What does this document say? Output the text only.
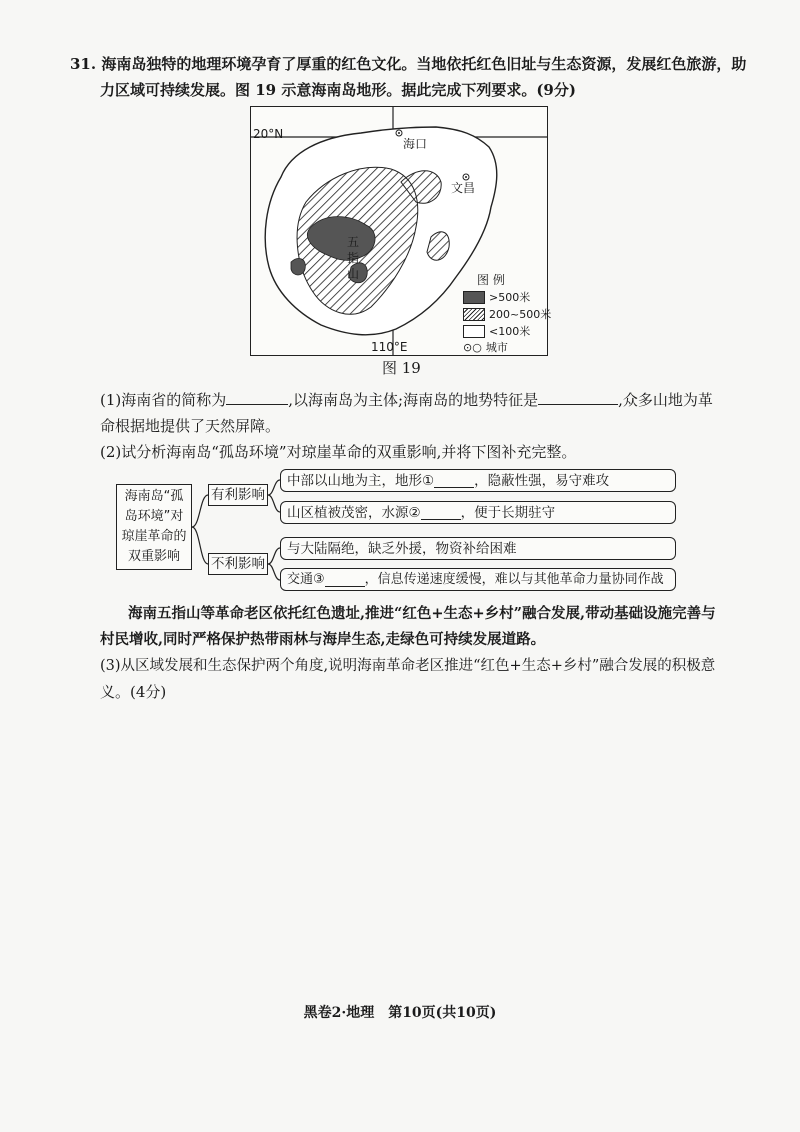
31. 海南岛独特的地理环境孕育了厚重的红色文化。当地依托红色旧址与生态资源，发展红色旅游，助
力区域可持续发展。图 19 示意海南岛地形。据此完成下列要求。(9分)
20°N
海口
文昌
五
指
山
110°E
图 例
>500米
200~500米
<100米
⊙○ 城市
图 19
(1)海南省的简称为	,以海南岛为主体;海南岛的地势特征是	,众多山地为革
命根据地提供了天然屏障。
(2)试分析海南岛“孤岛环境”对琼崖革命的双重影响,并将下图补充完整。
海南岛“孤
岛环境”对
琼崖革命的
双重影响
有利影响
不利影响
中部以山地为主，地形①	，隐蔽性强，易守难攻
山区植被茂密，水源②	，便于长期驻守
与大陆隔绝，缺乏外援，物资补给困难
交通③	，信息传递速度缓慢，难以与其他革命力量协同作战
海南五指山等革命老区依托红色遗址,推进“红色+生态+乡村”融合发展,带动基础设施完善与
村民增收,同时严格保护热带雨林与海岸生态,走绿色可持续发展道路。
(3)从区域发展和生态保护两个角度,说明海南革命老区推进“红色+生态+乡村”融合发展的积极意
义。(4分)
黑卷2·地理　第10页(共10页)
